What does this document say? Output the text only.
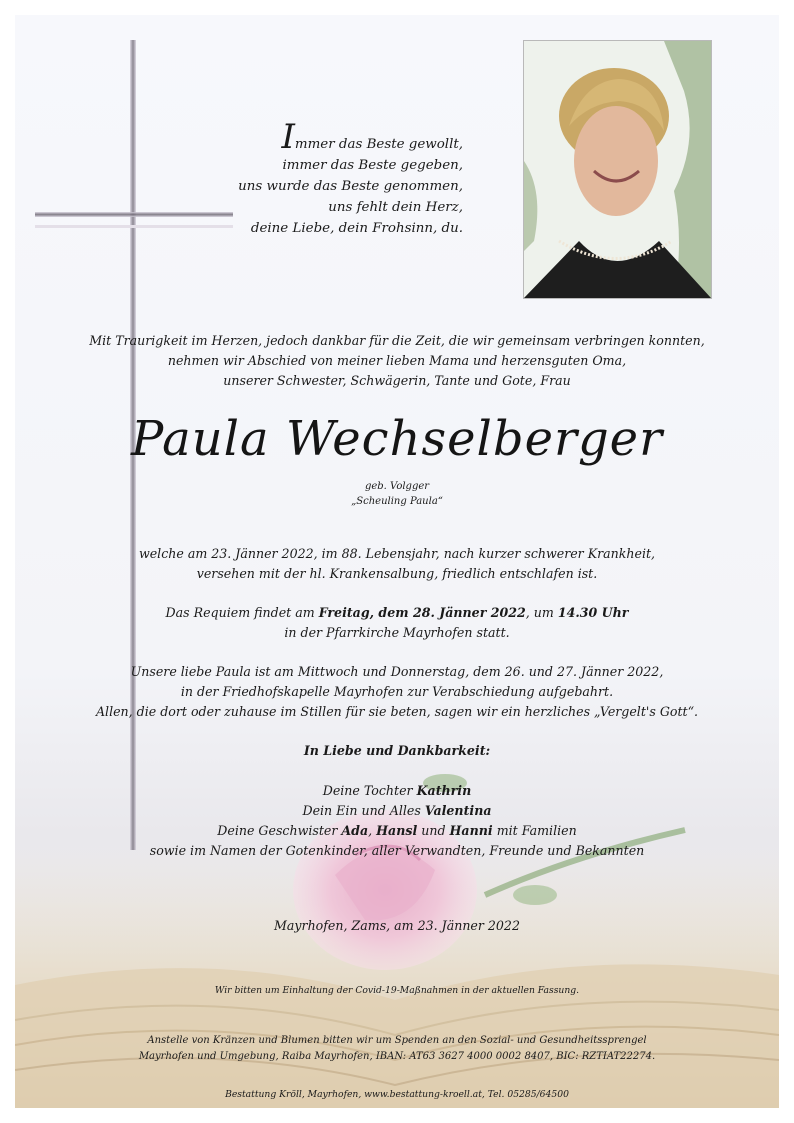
Immer das Beste gewollt,
immer das Beste gegeben,
uns wurde das Beste genommen,
uns fehlt dein Herz,
deine Liebe, dein Frohsinn, du.
Mit Traurigkeit im Herzen, jedoch dankbar für die Zeit, die wir gemeinsam verbringen konnten,
nehmen wir Abschied von meiner lieben Mama und herzensguten Oma,
unserer Schwester, Schwägerin, Tante und Gote, Frau
Paula Wechselberger
geb. Volgger
„Scheuling Paula“
welche am 23. Jänner 2022, im 88. Lebensjahr, nach kurzer schwerer Krankheit,
versehen mit der hl. Krankensalbung, friedlich entschlafen ist.
Das Requiem findet am Freitag, dem 28. Jänner 2022, um 14.30 Uhr
in der Pfarrkirche Mayrhofen statt.
Unsere liebe Paula ist am Mittwoch und Donnerstag, dem 26. und 27. Jänner 2022,
in der Friedhofskapelle Mayrhofen zur Verabschiedung aufgebahrt.
Allen, die dort oder zuhause im Stillen für sie beten, sagen wir ein herzliches „Vergelt's Gott“.
In Liebe und Dankbarkeit:
Deine Tochter Kathrin
Dein Ein und Alles Valentina
Deine Geschwister Ada, Hansl und Hanni mit Familien
sowie im Namen der Gotenkinder, aller Verwandten, Freunde und Bekannten
Mayrhofen, Zams, am 23. Jänner 2022
Wir bitten um Einhaltung der Covid-19-Maßnahmen in der aktuellen Fassung.
Anstelle von Kränzen und Blumen bitten wir um Spenden an den Sozial- und Gesundheitssprengel
Mayrhofen und Umgebung, Raiba Mayrhofen, IBAN: AT63 3627 4000 0002 8407, BIC: RZTIAT22274.
Bestattung Kröll, Mayrhofen, www.bestattung-kroell.at, Tel. 05285/64500
